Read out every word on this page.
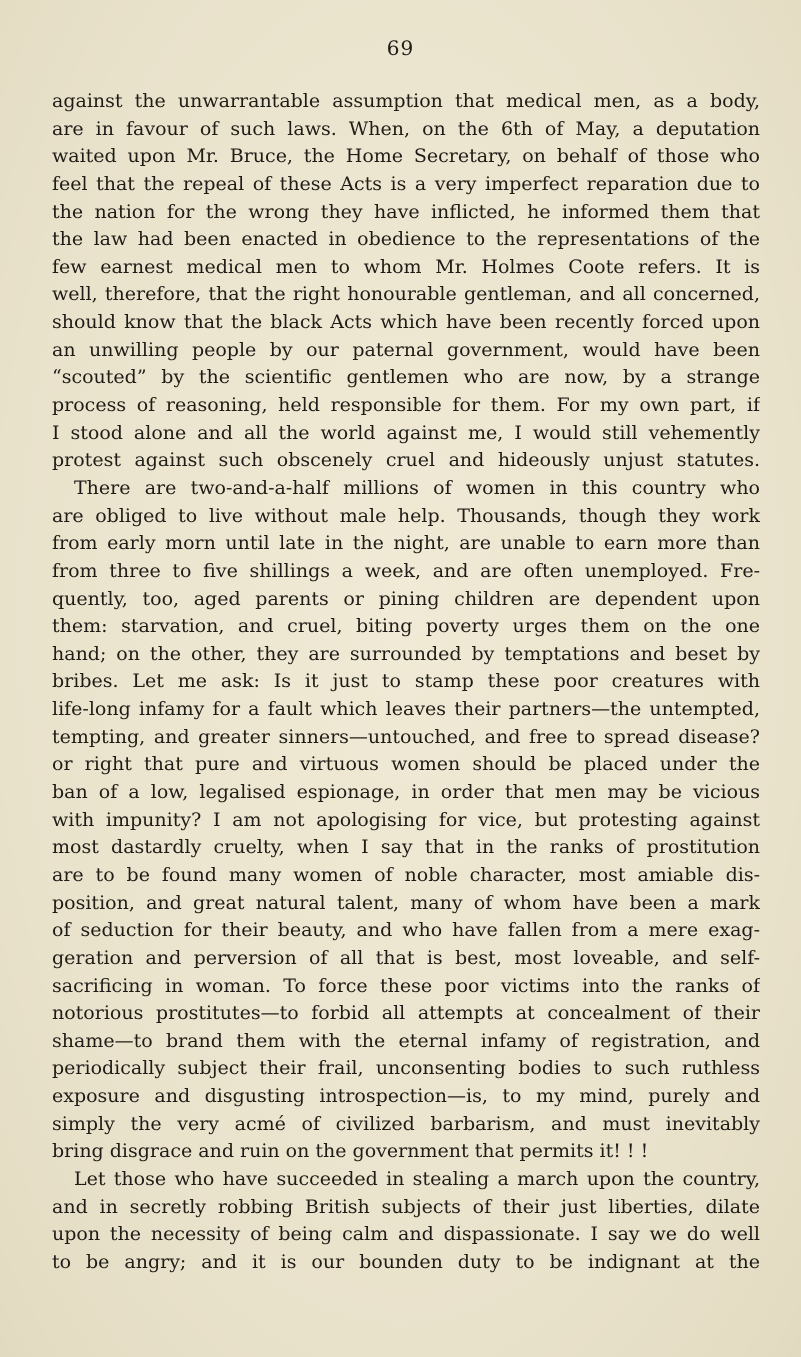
69
against the unwarrantable assumption that medical men, as a body,
are in favour of such laws. When, on the 6th of May, a deputation
waited upon Mr. Bruce, the Home Secretary, on behalf of those who
feel that the repeal of these Acts is a very imperfect reparation due to
the nation for the wrong they have inflicted, he informed them that
the law had been enacted in obedience to the representations of the
few earnest medical men to whom Mr. Holmes Coote refers. It is
well, therefore, that the right honourable gentleman, and all concerned,
should know that the black Acts which have been recently forced upon
an unwilling people by our paternal government, would have been
“scouted” by the scientific gentlemen who are now, by a strange
process of reasoning, held responsible for them. For my own part, if
I stood alone and all the world against me, I would still vehemently
protest against such obscenely cruel and hideously unjust statutes.
There are two-and-a-half millions of women in this country who
are obliged to live without male help. Thousands, though they work
from early morn until late in the night, are unable to earn more than
from three to five shillings a week, and are often unemployed. Fre-
quently, too, aged parents or pining children are dependent upon
them: starvation, and cruel, biting poverty urges them on the one
hand; on the other, they are surrounded by temptations and beset by
bribes. Let me ask: Is it just to stamp these poor creatures with
life-long infamy for a fault which leaves their partners—the untempted,
tempting, and greater sinners—untouched, and free to spread disease?
or right that pure and virtuous women should be placed under the
ban of a low, legalised espionage, in order that men may be vicious
with impunity? I am not apologising for vice, but protesting against
most dastardly cruelty, when I say that in the ranks of prostitution
are to be found many women of noble character, most amiable dis-
position, and great natural talent, many of whom have been a mark
of seduction for their beauty, and who have fallen from a mere exag-
geration and perversion of all that is best, most loveable, and self-
sacrificing in woman. To force these poor victims into the ranks of
notorious prostitutes—to forbid all attempts at concealment of their
shame—to brand them with the eternal infamy of registration, and
periodically subject their frail, unconsenting bodies to such ruthless
exposure and disgusting introspection—is, to my mind, purely and
simply the very acmé of civilized barbarism, and must inevitably
bring disgrace and ruin on the government that permits it! ! !
Let those who have succeeded in stealing a march upon the country,
and in secretly robbing British subjects of their just liberties, dilate
upon the necessity of being calm and dispassionate. I say we do well
to be angry; and it is our bounden duty to be indignant at the
